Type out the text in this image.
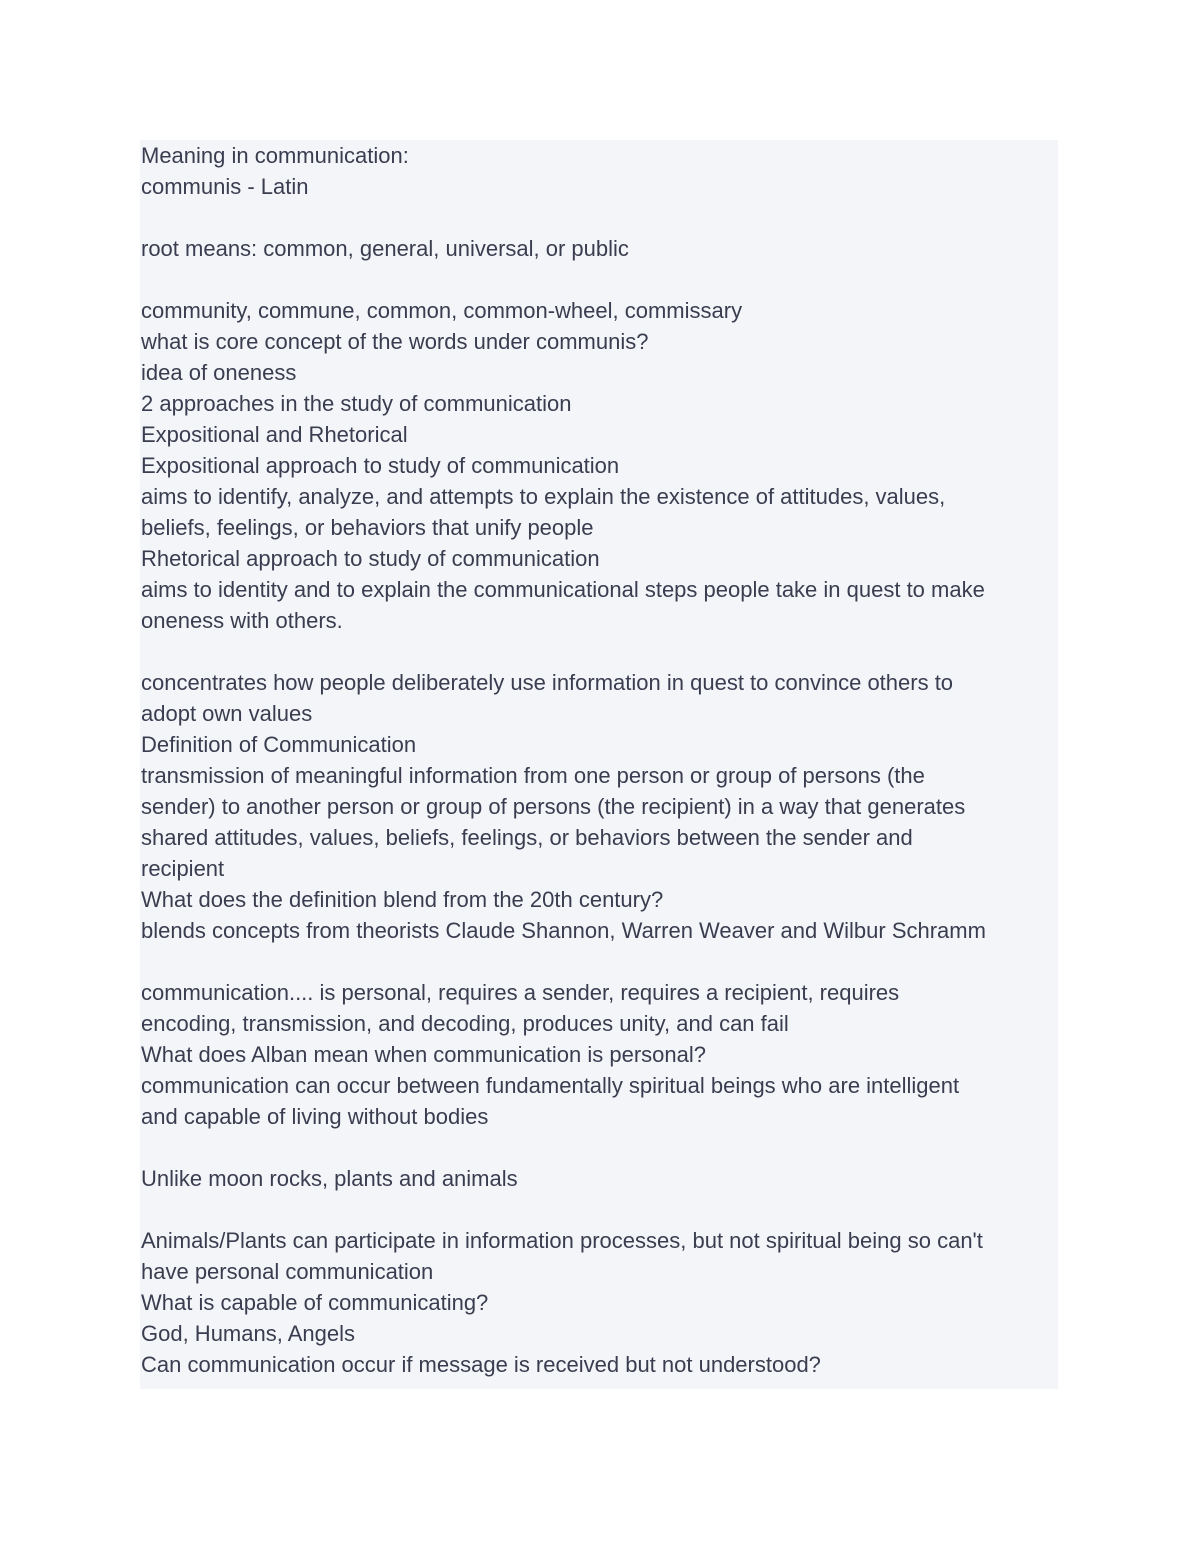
Meaning in communication:
communis - Latin
root means: common, general, universal, or public
community, commune, common, common-wheel, commissary
what is core concept of the words under communis?
idea of oneness
2 approaches in the study of communication
Expositional and Rhetorical
Expositional approach to study of communication
aims to identify, analyze, and attempts to explain the existence of attitudes, values,
beliefs, feelings, or behaviors that unify people
Rhetorical approach to study of communication
aims to identity and to explain the communicational steps people take in quest to make
oneness with others.
concentrates how people deliberately use information in quest to convince others to
adopt own values
Definition of Communication
transmission of meaningful information from one person or group of persons (the
sender) to another person or group of persons (the recipient) in a way that generates
shared attitudes, values, beliefs, feelings, or behaviors between the sender and
recipient
What does the definition blend from the 20th century?
blends concepts from theorists Claude Shannon, Warren Weaver and Wilbur Schramm
communication.... is personal, requires a sender, requires a recipient, requires
encoding, transmission, and decoding, produces unity, and can fail
What does Alban mean when communication is personal?
communication can occur between fundamentally spiritual beings who are intelligent
and capable of living without bodies
Unlike moon rocks, plants and animals
Animals/Plants can participate in information processes, but not spiritual being so can't
have personal communication
What is capable of communicating?
God, Humans, Angels
Can communication occur if message is received but not understood?
